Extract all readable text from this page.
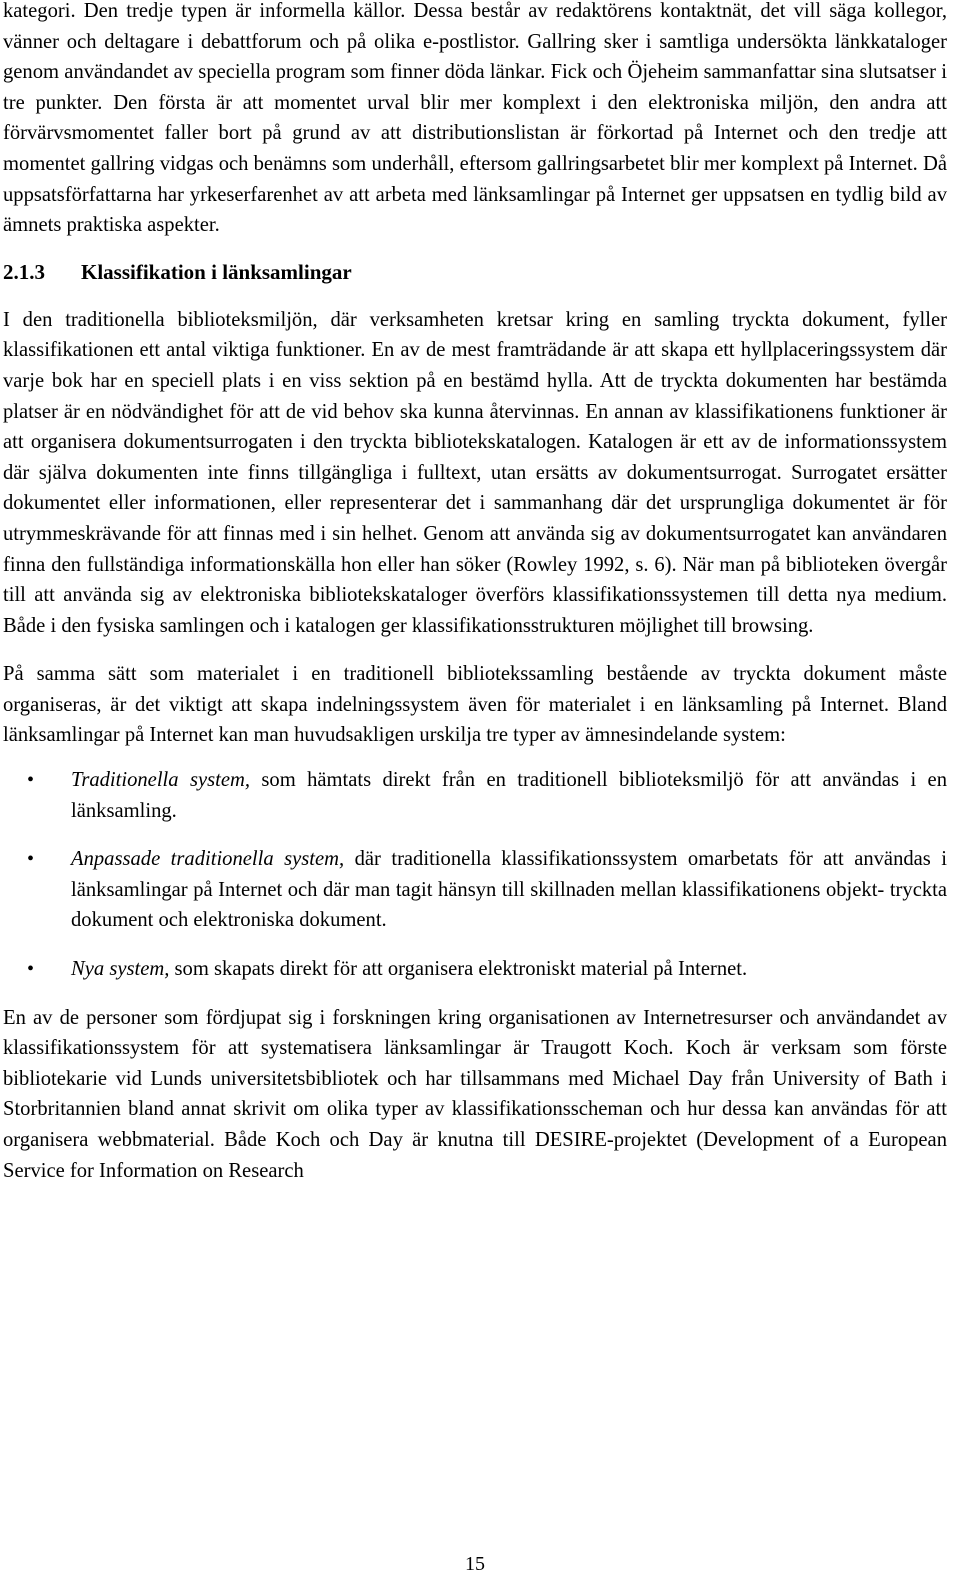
kategori. Den tredje typen är informella källor. Dessa består av redaktörens kontaktnät, det vill säga kollegor, vänner och deltagare i debattforum och på olika e-postlistor. Gallring sker i samtliga undersökta länkkataloger genom användandet av speciella program som finner döda länkar. Fick och Öjeheim sammanfattar sina slutsatser i tre punkter. Den första är att momentet urval blir mer komplext i den elektroniska miljön, den andra att förvärvsmomentet faller bort på grund av att distributionslistan är förkortad på Internet och den tredje att momentet gallring vidgas och benämns som underhåll, eftersom gallringsarbetet blir mer komplext på Internet. Då uppsatsförfattarna har yrkeserfarenhet av att arbeta med länksamlingar på Internet ger uppsatsen en tydlig bild av ämnets praktiska aspekter.

2.1.3	Klassifikation i länksamlingar

I den traditionella biblioteksmiljön, där verksamheten kretsar kring en samling tryckta dokument, fyller klassifikationen ett antal viktiga funktioner. En av de mest framträdande är att skapa ett hyllplaceringssystem där varje bok har en speciell plats i en viss sektion på en bestämd hylla. Att de tryckta dokumenten har bestämda platser är en nödvändighet för att de vid behov ska kunna återvinnas. En annan av klassifikationens funktioner är att organisera dokumentsurrogaten i den tryckta bibliotekskatalogen. Katalogen är ett av de informationssystem där själva dokumenten inte finns tillgängliga i fulltext, utan ersätts av dokumentsurrogat. Surrogatet ersätter dokumentet eller informationen, eller representerar det i sammanhang där det ursprungliga dokumentet är för utrymmeskrävande för att finnas med i sin helhet. Genom att använda sig av dokumentsurrogatet kan användaren finna den fullständiga informationskälla hon eller han söker (Rowley 1992, s. 6). När man på biblioteken övergår till att använda sig av elektroniska bibliotekskataloger överförs klassifikationssystemen till detta nya medium. Både i den fysiska samlingen och i katalogen ger klassifikationsstrukturen möjlighet till browsing.

På samma sätt som materialet i en traditionell bibliotekssamling bestående av tryckta dokument måste organiseras, är det viktigt att skapa indelningssystem även för materialet i en länksamling på Internet. Bland länksamlingar på Internet kan man huvudsakligen urskilja tre typer av ämnesindelande system:

• Traditionella system, som hämtats direkt från en traditionell biblioteksmiljö för att användas i en länksamling.
• Anpassade traditionella system, där traditionella klassifikationssystem omarbetats för att användas i länksamlingar på Internet och där man tagit hänsyn till skillnaden mellan klassifikationens objekt- tryckta dokument och elektroniska dokument.
• Nya system, som skapats direkt för att organisera elektroniskt material på Internet.

En av de personer som fördjupat sig i forskningen kring organisationen av Internetresurser och användandet av klassifikationssystem för att systematisera länksamlingar är Traugott Koch. Koch är verksam som förste bibliotekarie vid Lunds universitetsbibliotek och har tillsammans med Michael Day från University of Bath i Storbritannien bland annat skrivit om olika typer av klassifikationsscheman och hur dessa kan användas för att organisera webbmaterial. Både Koch och Day är knutna till DESIRE-projektet (Development of a European Service for Information on Research

15
